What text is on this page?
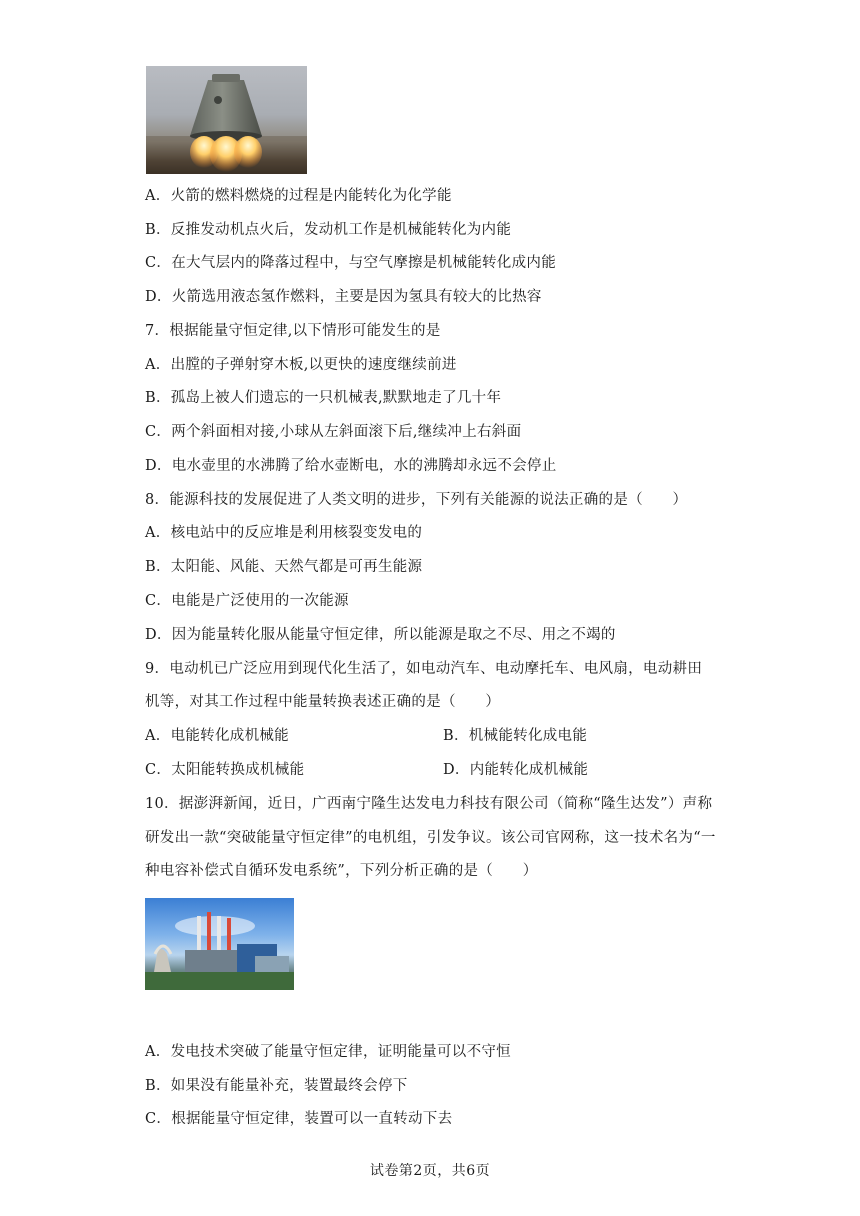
A．火箭的燃料燃烧的过程是内能转化为化学能
B．反推发动机点火后，发动机工作是机械能转化为内能
C．在大气层内的降落过程中，与空气摩擦是机械能转化成内能
D．火箭选用液态氢作燃料，主要是因为氢具有较大的比热容
7．根据能量守恒定律,以下情形可能发生的是
A．出膛的子弹射穿木板,以更快的速度继续前进
B．孤岛上被人们遗忘的一只机械表,默默地走了几十年
C．两个斜面相对接,小球从左斜面滚下后,继续冲上右斜面
D．电水壶里的水沸腾了给水壶断电，水的沸腾却永远不会停止
8．能源科技的发展促进了人类文明的进步，下列有关能源的说法正确的是（　　）
A．核电站中的反应堆是利用核裂变发电的
B．太阳能、风能、天然气都是可再生能源
C．电能是广泛使用的一次能源
D．因为能量转化服从能量守恒定律，所以能源是取之不尽、用之不竭的
9．电动机已广泛应用到现代化生活了，如电动汽车、电动摩托车、电风扇，电动耕田
机等，对其工作过程中能量转换表述正确的是（　　）
A．电能转化成机械能	B．机械能转化成电能
C．太阳能转换成机械能	D．内能转化成机械能
10．据澎湃新闻，近日，广西南宁隆生达发电力科技有限公司（简称“隆生达发”）声称
研发出一款“突破能量守恒定律”的电机组，引发争议。该公司官网称，这一技术名为“一
种电容补偿式自循环发电系统”，下列分析正确的是（　　）
A．发电技术突破了能量守恒定律，证明能量可以不守恒
B．如果没有能量补充，装置最终会停下
C．根据能量守恒定律，装置可以一直转动下去
试卷第2页，共6页
